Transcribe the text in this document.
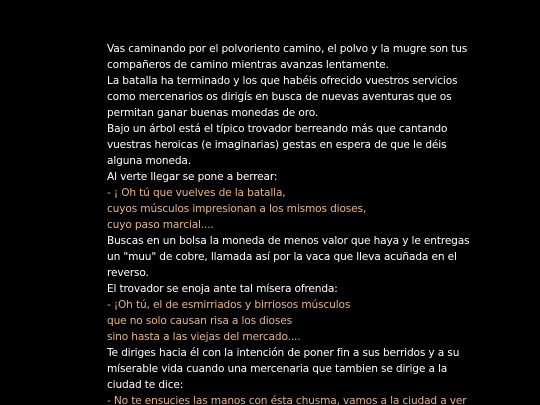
Vas caminando por el polvoriento camino, el polvo y la mugre son tus
compañeros de camino mientras avanzas lentamente.
La batalla ha terminado y los que habéis ofrecido vuestros servicios
como mercenarios os dirigís en busca de nuevas aventuras que os
permitan ganar buenas monedas de oro.
Bajo un árbol está el típico trovador berreando más que cantando
vuestras heroicas (e imaginarias) gestas en espera de que le déis
alguna moneda.
Al verte llegar se pone a berrear:
- ¡ Oh tú que vuelves de la batalla,
cuyos músculos impresionan a los mismos dioses,
cuyo paso marcial....
Buscas en un bolsa la moneda de menos valor que haya y le entregas
un "muu" de cobre, llamada así por la vaca que lleva acuñada en el
reverso.
El trovador se enoja ante tal mísera ofrenda:
- ¡Oh tú, el de esmirriados y birriosos músculos
que no solo causan risa a los dioses
sino hasta a las viejas del mercado....
Te diriges hacia él con la intención de poner fin a sus berridos y a su
míserable vida cuando una mercenaria que tambien se dirige a la
ciudad te dice:
- No te ensucies las manos con ésta chusma, vamos a la ciudad a ver
